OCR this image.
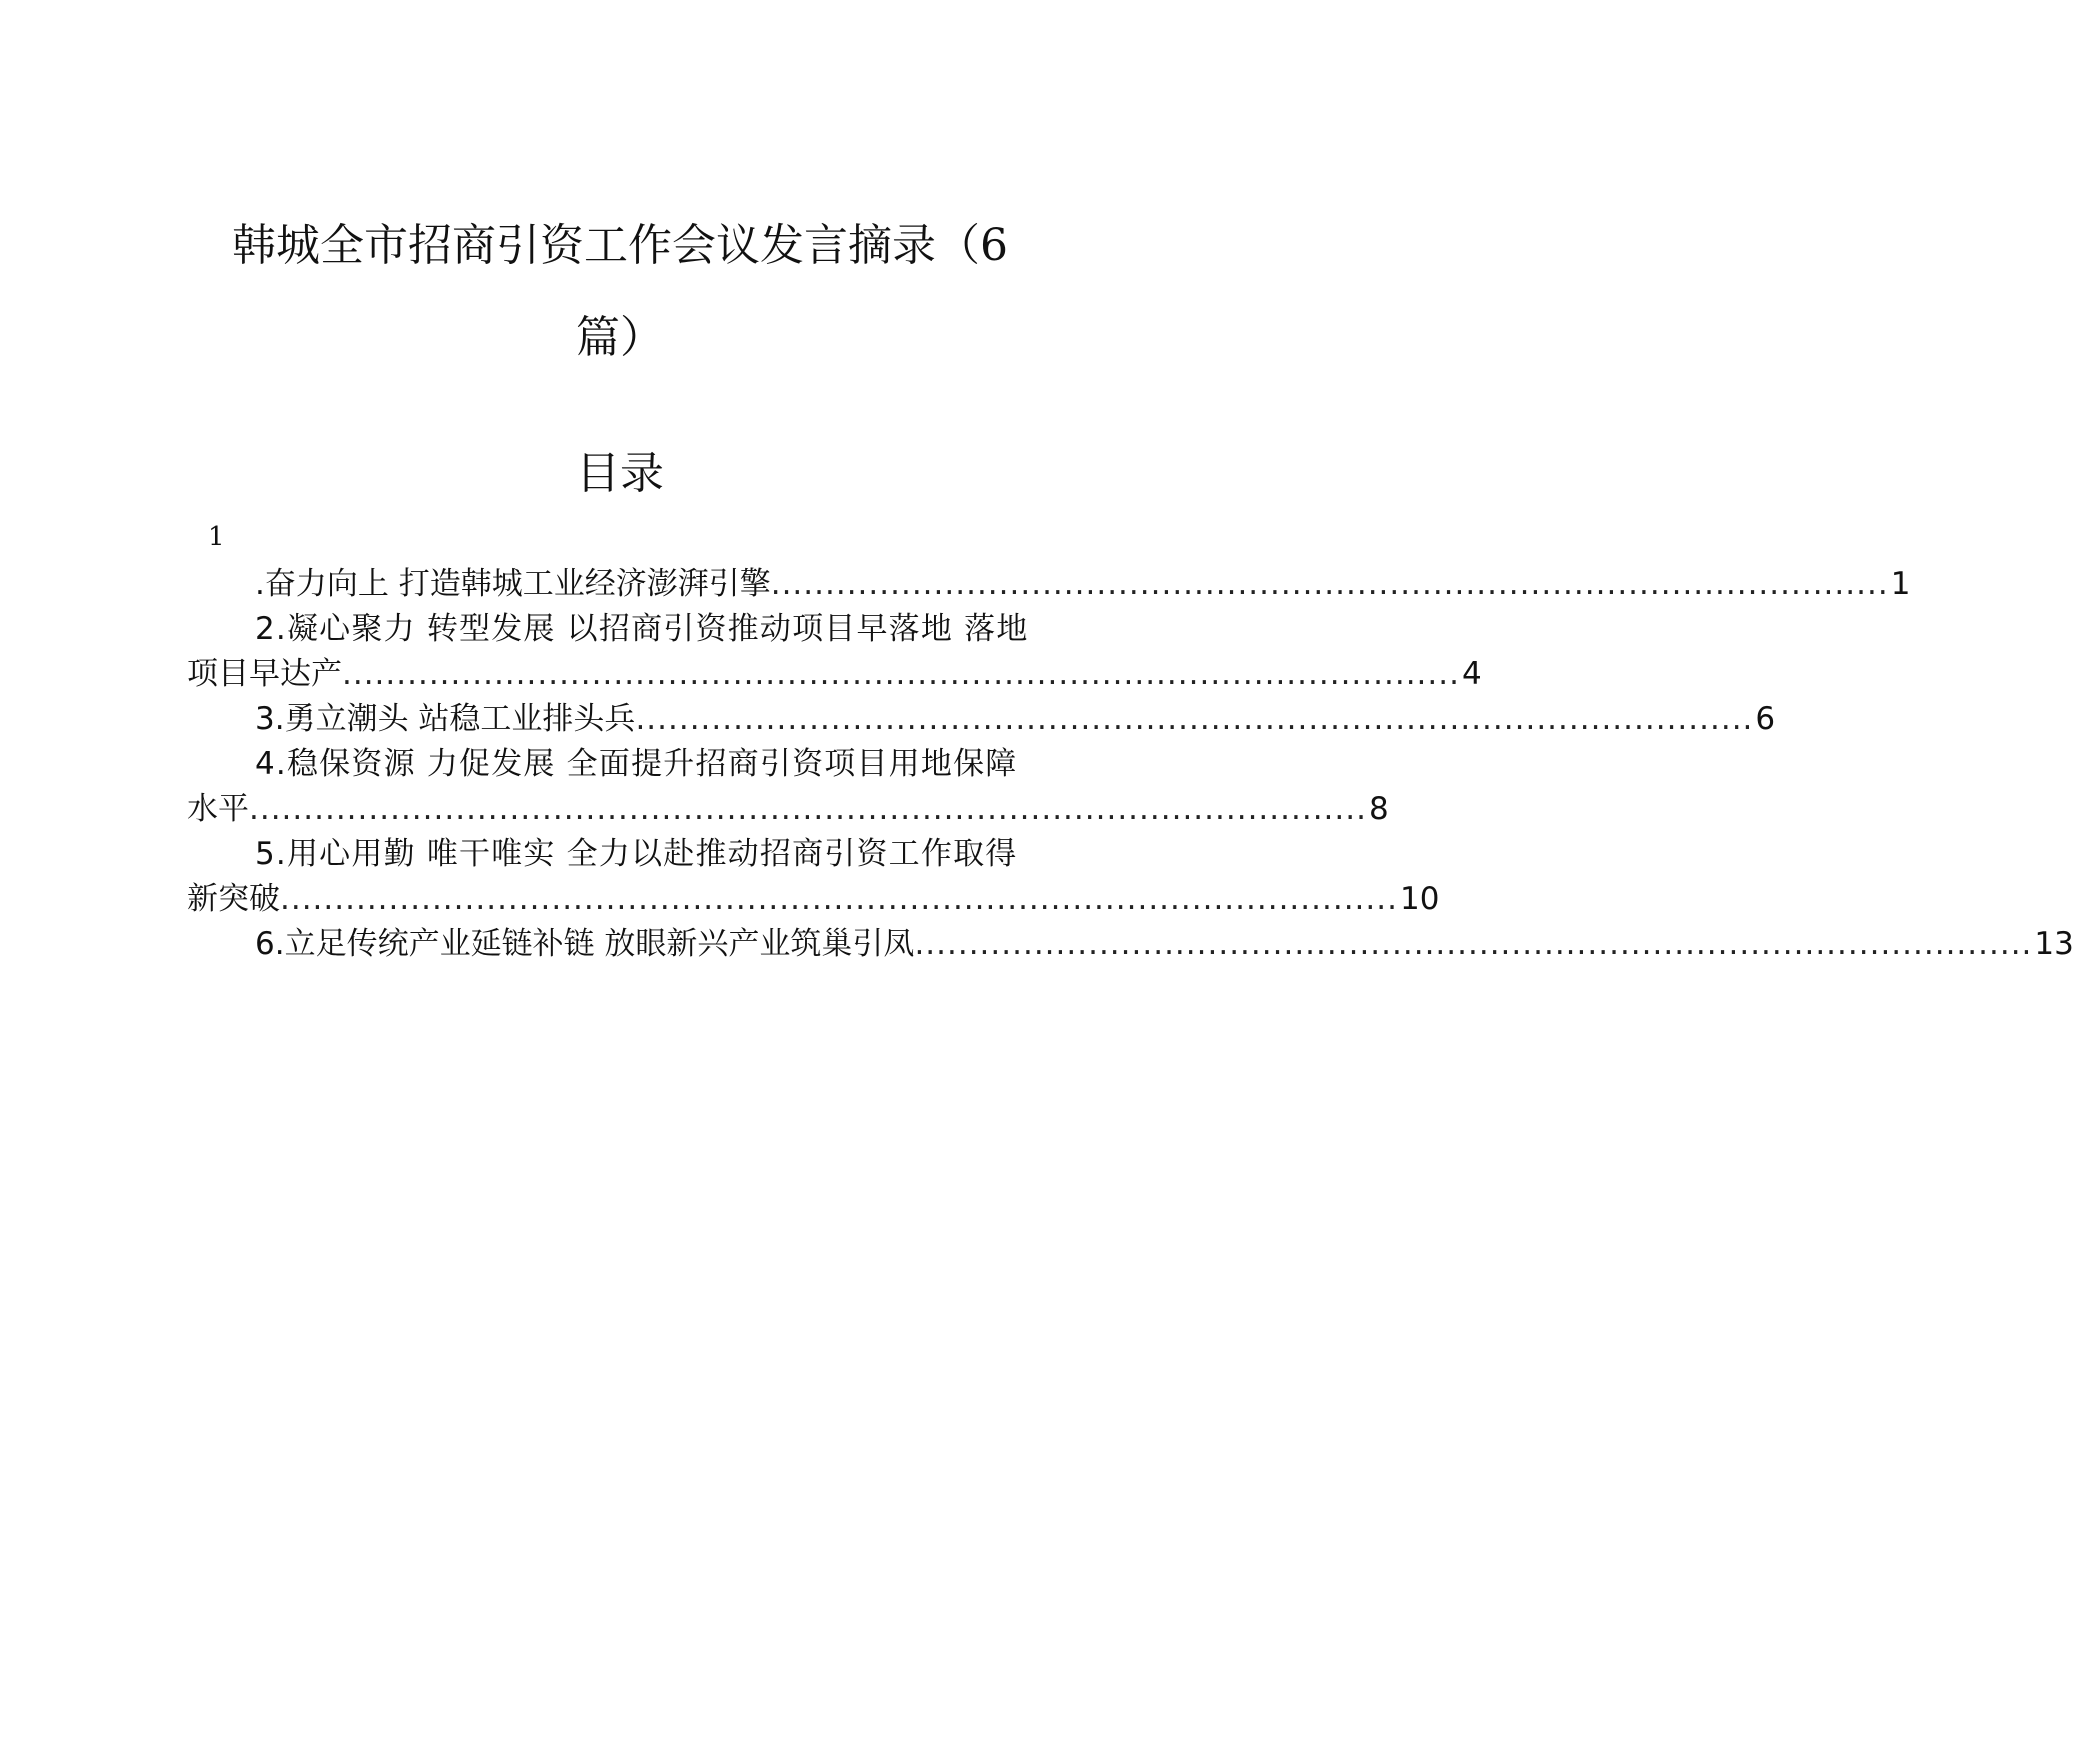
韩城全市招商引资工作会议发言摘录（6篇）
目录
1
.奋力向上 打造韩城工业经济澎湃引擎 ....................................................................................................... 1
2.凝心聚力 转型发展 以招商引资推动项目早落地 落地
项目早达产 ....................................................................................................... 4
3.勇立潮头 站稳工业排头兵 ....................................................................................................... 6
4.稳保资源 力促发展 全面提升招商引资项目用地保障
水平 ....................................................................................................... 8
5.用心用勤 唯干唯实 全力以赴推动招商引资工作取得
新突破 ....................................................................................................... 10
6.立足传统产业延链补链 放眼新兴产业筑巢引凤 ....................................................................................................... 13
